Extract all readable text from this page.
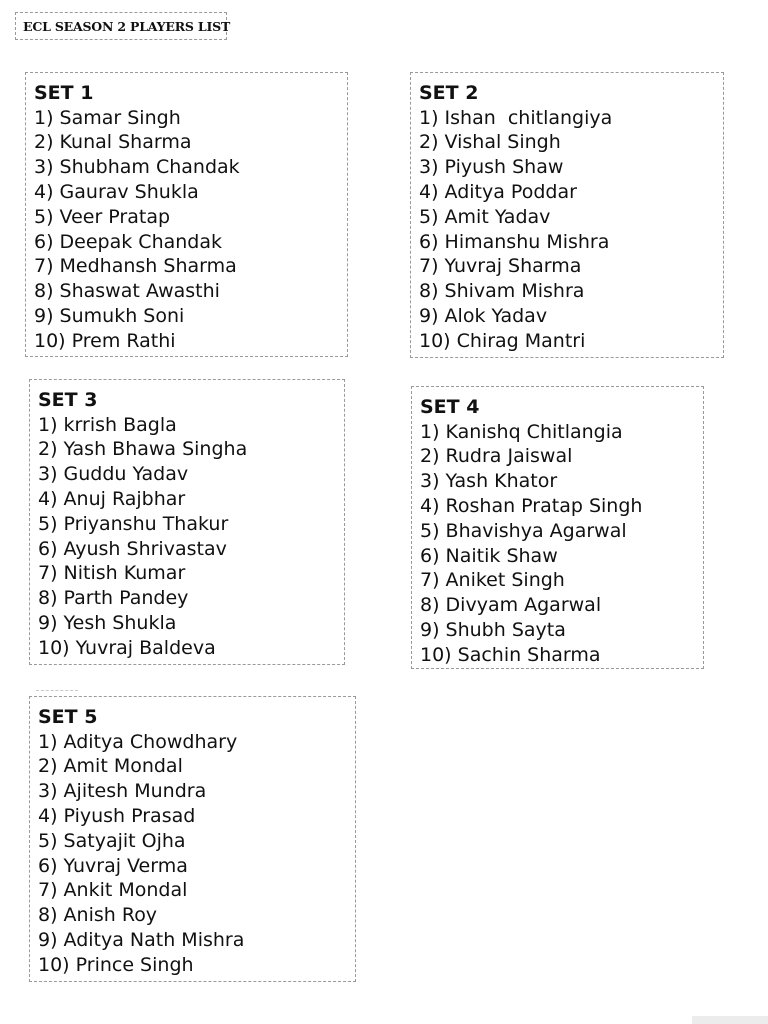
ECL SEASON 2 PLAYERS LIST
SET 1
1) Samar Singh
2) Kunal Sharma
3) Shubham Chandak
4) Gaurav Shukla
5) Veer Pratap
6) Deepak Chandak
7) Medhansh Sharma
8) Shaswat Awasthi
9) Sumukh Soni
10) Prem Rathi
SET 2
1) Ishan  chitlangiya
2) Vishal Singh
3) Piyush Shaw
4) Aditya Poddar
5) Amit Yadav
6) Himanshu Mishra
7) Yuvraj Sharma
8) Shivam Mishra
9) Alok Yadav
10) Chirag Mantri
SET 3
1) krrish Bagla
2) Yash Bhawa Singha
3) Guddu Yadav
4) Anuj Rajbhar
5) Priyanshu Thakur
6) Ayush Shrivastav
7) Nitish Kumar
8) Parth Pandey
9) Yesh Shukla
10) Yuvraj Baldeva
SET 4
1) Kanishq Chitlangia
2) Rudra Jaiswal
3) Yash Khator
4) Roshan Pratap Singh
5) Bhavishya Agarwal
6) Naitik Shaw
7) Aniket Singh
8) Divyam Agarwal
9) Shubh Sayta
10) Sachin Sharma
SET 5
1) Aditya Chowdhary
2) Amit Mondal
3) Ajitesh Mundra
4) Piyush Prasad
5) Satyajit Ojha
6) Yuvraj Verma
7) Ankit Mondal
8) Anish Roy
9) Aditya Nath Mishra
10) Prince Singh
